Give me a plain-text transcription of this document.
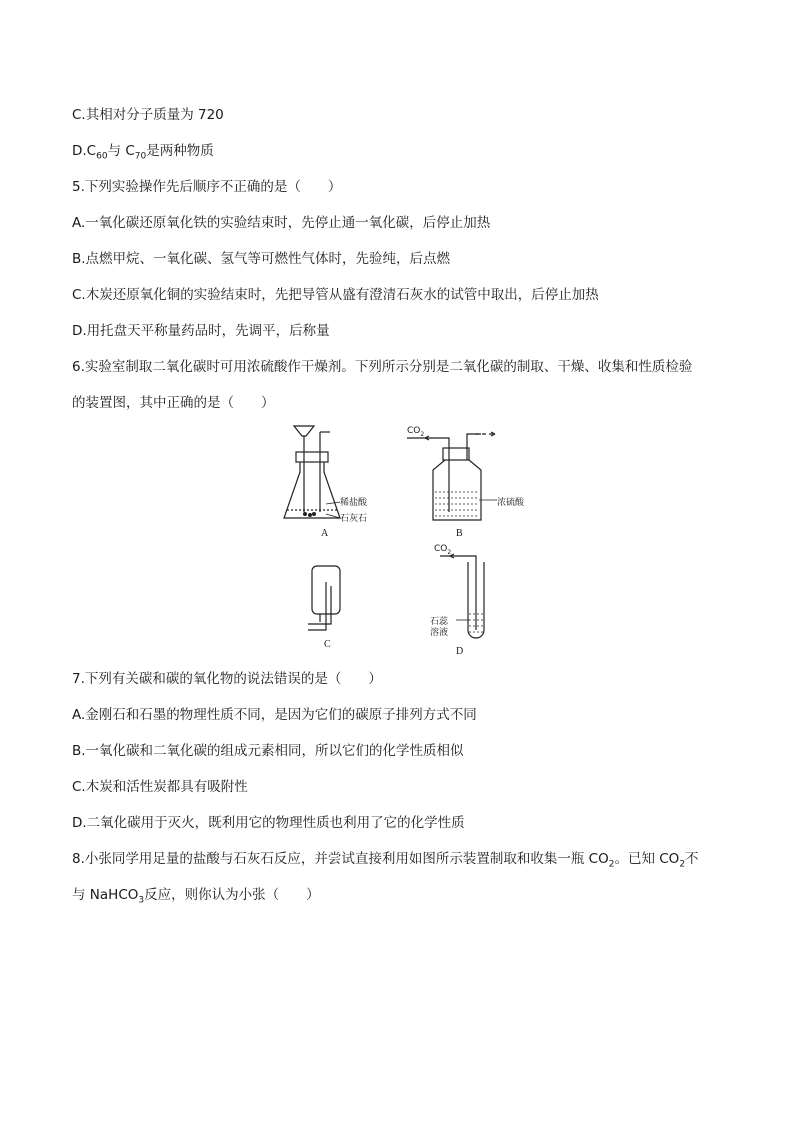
C.其相对分子质量为 720
$D.C_{60}$与 $C_{70}$是两种物质
5.下列实验操作先后顺序不正确的是（　　）
A.一氧化碳还原氧化铁的实验结束时，先停止通一氧化碳，后停止加热
B.点燃甲烷、一氧化碳、氢气等可燃性气体时，先验纯，后点燃
C.木炭还原氧化铜的实验结束时，先把导管从盛有澄清石灰水的试管中取出，后停止加热
D.用托盘天平称量药品时，先调平，后称量
6.实验室制取二氧化碳时可用浓硫酸作干燥剂。下列所示分别是二氧化碳的制取、干燥、收集和性质检验
的装置图，其中正确的是（　　）
稀盐酸
石灰石
A
$CO_2$
浓硫酸
B
C
$CO_2$
石蕊
溶液
D
7.下列有关碳和碳的氧化物的说法错误的是（　　）
A.金刚石和石墨的物理性质不同，是因为它们的碳原子排列方式不同
B.一氧化碳和二氧化碳的组成元素相同，所以它们的化学性质相似
C.木炭和活性炭都具有吸附性
D.二氧化碳用于灭火，既利用它的物理性质也利用了它的化学性质
8.小张同学用足量的盐酸与石灰石反应，并尝试直接利用如图所示装置制取和收集一瓶 $CO_2$。已知 $CO_2$不
与 NaHCO$_3$反应，则你认为小张（　　）
